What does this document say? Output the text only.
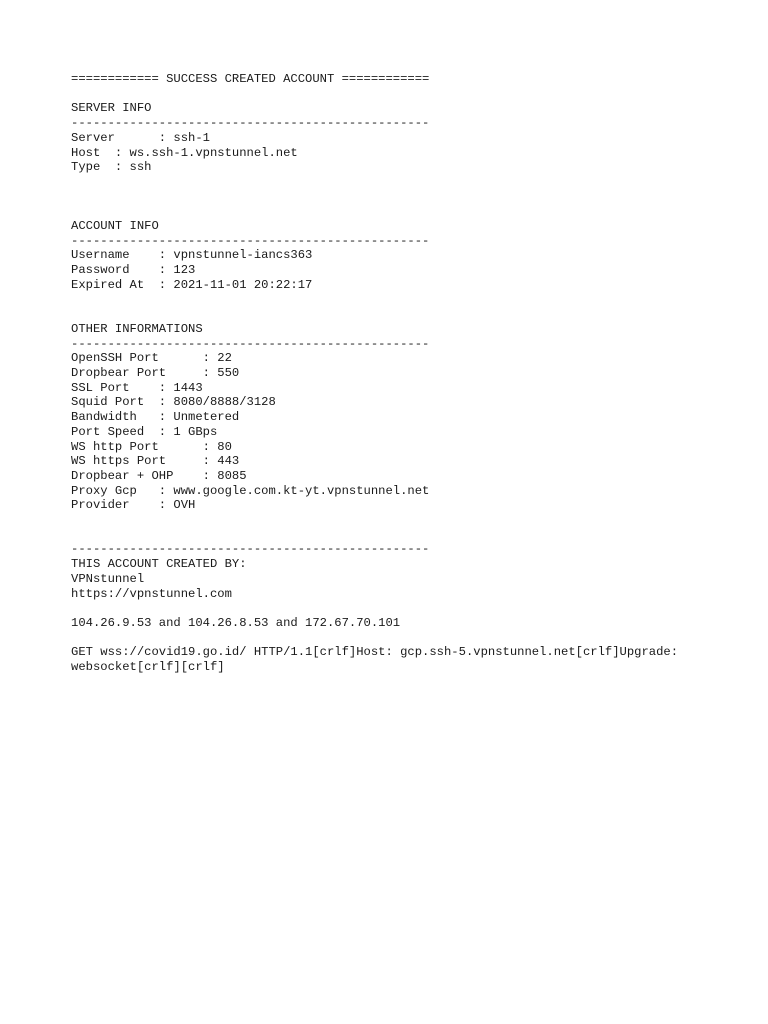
============ SUCCESS CREATED ACCOUNT ============
SERVER INFO
-------------------------------------------------
Server      : ssh-1
Host  : ws.ssh-1.vpnstunnel.net
Type  : ssh
ACCOUNT INFO
-------------------------------------------------
Username    : vpnstunnel-iancs363
Password    : 123
Expired At  : 2021-11-01 20:22:17
OTHER INFORMATIONS
-------------------------------------------------
OpenSSH Port      : 22
Dropbear Port     : 550
SSL Port    : 1443
Squid Port  : 8080/8888/3128
Bandwidth   : Unmetered
Port Speed  : 1 GBps
WS http Port      : 80
WS https Port     : 443
Dropbear + OHP    : 8085
Proxy Gcp   : www.google.com.kt-yt.vpnstunnel.net
Provider    : OVH
-------------------------------------------------
THIS ACCOUNT CREATED BY:
VPNstunnel
https://vpnstunnel.com
104.26.9.53 and 104.26.8.53 and 172.67.70.101
GET wss://covid19.go.id/ HTTP/1.1[crlf]Host: gcp.ssh-5.vpnstunnel.net[crlf]Upgrade: websocket[crlf][crlf]
